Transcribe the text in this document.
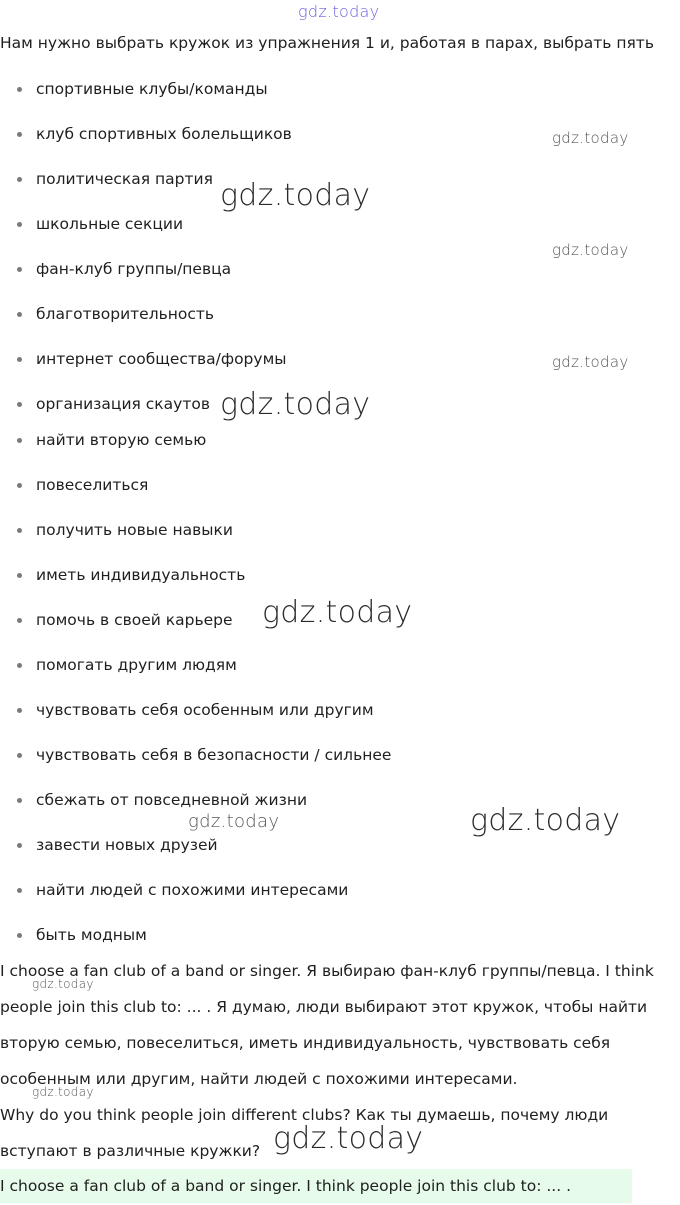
gdz.today
Нам нужно выбрать кружок из упражнения 1 и, работая в парах, выбрать пять
спортивные клубы/команды
клуб спортивных болельщиков
политическая партия
школьные секции
фан-клуб группы/певца
благотворительность
интернет сообщества/форумы
организация скаутов
найти вторую семью
повеселиться
получить новые навыки
иметь индивидуальность
помочь в своей карьере
помогать другим людям
чувствовать себя особенным или другим
чувствовать себя в безопасности / сильнее
сбежать от повседневной жизни
завести новых друзей
найти людей с похожими интересами
быть модным
I choose a fan club of a band or singer. Я выбираю фан-клуб группы/певца. I think
people join this club to: ... . Я думаю, люди выбирают этот кружок, чтобы найти
вторую семью, повеселиться, иметь индивидуальность, чувствовать себя
особенным или другим, найти людей с похожими интересами.
Why do you think people join different clubs? Как ты думаешь, почему люди
вступают в различные кружки?
I choose a fan club of a band or singer. I think people join this club to: ... .
gdz.today
gdz.today
gdz.today
gdz.today
gdz.today
gdz.today
gdz.today	gdz.today
gdz.today
gdz.today
gdz.today
